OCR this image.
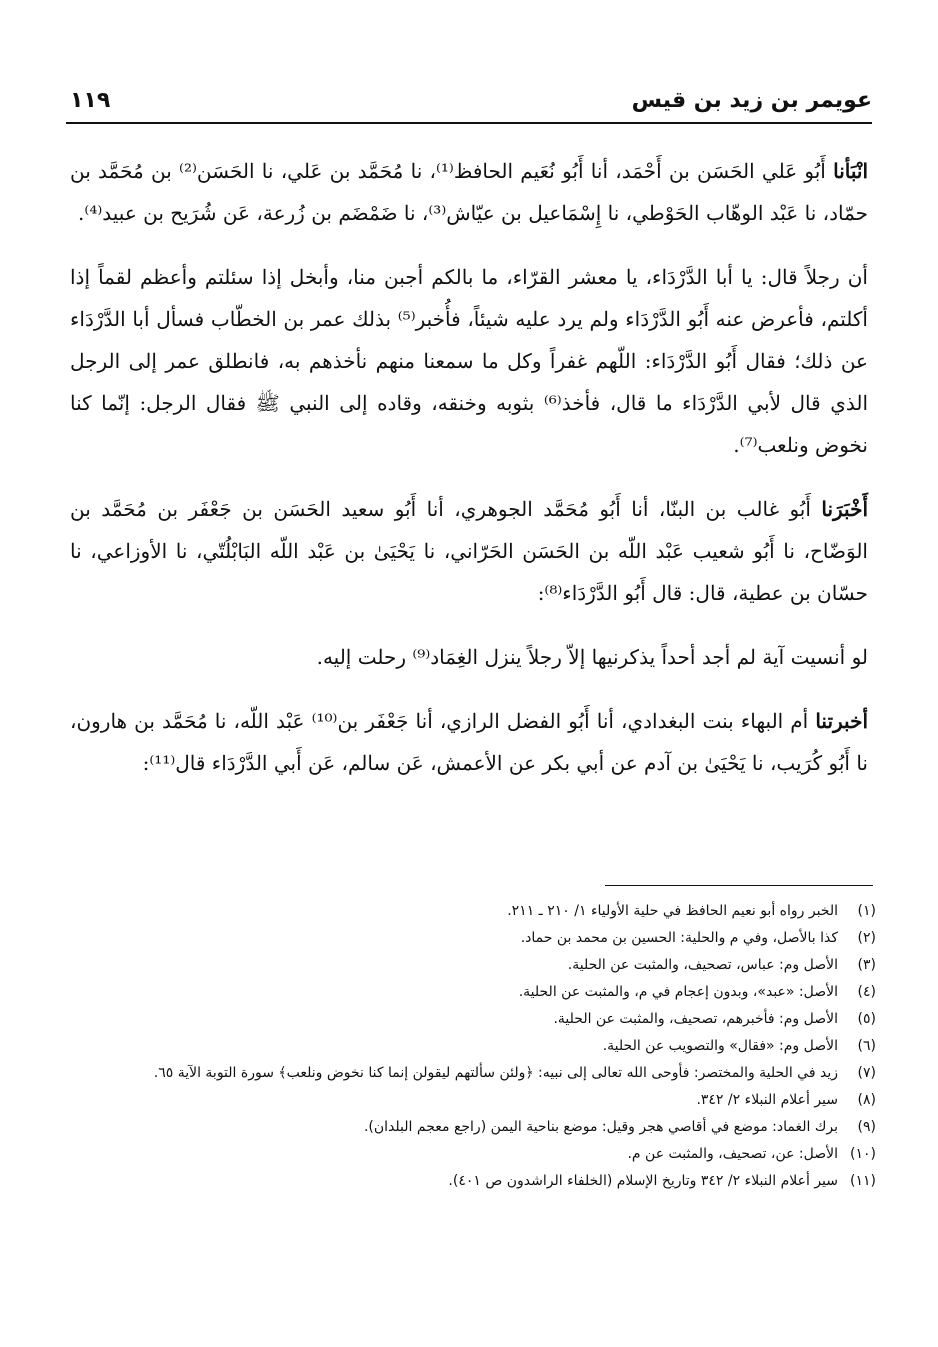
عويمر بن زيد بن قيس
١١٩

انْبَأنا أَبُو عَلي الحَسَن بن أَحْمَد، أنا أَبُو نُعَيم الحافظ⁽¹⁾، نا مُحَمَّد بن عَلي، نا الحَسَن⁽²⁾ بن مُحَمَّد بن حمّاد، نا عَبْد الوهّاب الحَوْطي، نا إِسْمَاعيل بن عيّاش⁽³⁾، نا ضَمْضَم بن زُرعة، عَن شُرَيح بن عبيد⁽⁴⁾.

أن رجلاً قال: يا أبا الدَّرْدَاء، يا معشر القرّاء، ما بالكم أجبن منا، وأبخل إذا سئلتم وأعظم لقماً إذا أكلتم، فأعرض عنه أَبُو الدَّرْدَاء ولم يرد عليه شيئاً، فأُخبر⁽⁵⁾ بذلك عمر بن الخطّاب فسأل أبا الدَّرْدَاء عن ذلك؛ فقال أَبُو الدَّرْدَاء: اللّهم غفراً وكل ما سمعنا منهم نأخذهم به، فانطلق عمر إلى الرجل الذي قال لأبي الدَّرْدَاء ما قال، فأخذ⁽⁶⁾ بثوبه وخنقه، وقاده إلى النبي ﷺ فقال الرجل: إنّما كنا نخوض ونلعب⁽⁷⁾.

أَخْبَرَنا أَبُو غالب بن البنّا، أنا أَبُو مُحَمَّد الجوهري، أنا أَبُو سعيد الحَسَن بن جَعْفَر بن مُحَمَّد بن الوَضّاح، نا أَبُو شعيب عَبْد اللّه بن الحَسَن الحَرّاني، نا يَحْيَىٰ بن عَبْد اللّه البَابْلُتّي، نا الأوزاعي، نا حسّان بن عطية، قال: قال أَبُو الدَّرْدَاء⁽⁸⁾:

لو أنسيت آية لم أجد أحداً يذكرنيها إلاّ رجلاً ينزل الغِمَاد⁽⁹⁾ رحلت إليه.

أخبرتنا أم البهاء بنت البغدادي، أنا أَبُو الفضل الرازي، أنا جَعْفَر بن⁽¹⁰⁾ عَبْد اللّه، نا مُحَمَّد بن هارون، نا أَبُو كُرَيب، نا يَحْيَىٰ بن آدم عن أبي بكر عن الأعمش، عَن سالم، عَن أَبي الدَّرْدَاء قال⁽¹¹⁾:

(١)
الخبر رواه أبو نعيم الحافظ في حلية الأولياء ١/ ٢١٠ ـ ٢١١.
(٢)
كذا بالأصل، وفي م والحلية: الحسين بن محمد بن حماد.
(٣)
الأصل وم: عباس، تصحيف، والمثبت عن الحلية.
(٤)
الأصل: «عبد»، وبدون إعجام في م، والمثبت عن الحلية.
(٥)
الأصل وم: فأخبرهم، تصحيف، والمثبت عن الحلية.
(٦)
الأصل وم: «فقال» والتصويب عن الحلية.
(٧)
زيد في الحلية والمختصر: فأوحى الله تعالى إلى نبيه: ﴿ولئن سألتهم ليقولن إنما كنا نخوض ونلعب﴾ سورة التوبة الآية ٦٥.
(٨)
سير أعلام النبلاء ٢/ ٣٤٢.
(٩)
برك الغماد: موضع في أقاصي هجر وقيل: موضع بناحية اليمن (راجع معجم البلدان).
(١٠)
الأصل: عن، تصحيف، والمثبت عن م.
(١١)
سير أعلام النبلاء ٢/ ٣٤٢ وتاريخ الإسلام (الخلفاء الراشدون ص ٤٠١).
